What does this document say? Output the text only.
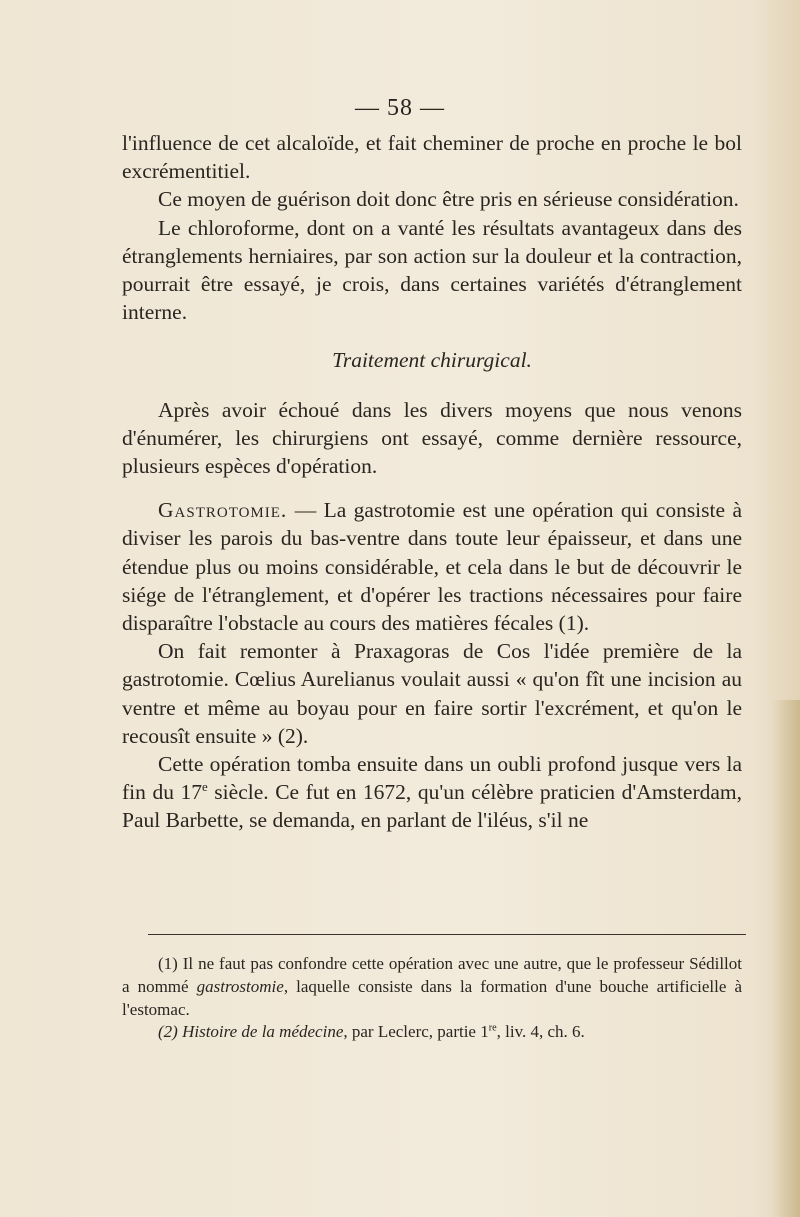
— 58 —

l'influence de cet alcaloïde, et fait cheminer de proche en proche le bol excrémentitiel.

Ce moyen de guérison doit donc être pris en sérieuse considération.

Le chloroforme, dont on a vanté les résultats avantageux dans des étranglements herniaires, par son action sur la douleur et la contraction, pourrait être essayé, je crois, dans certaines variétés d'étranglement interne.

Traitement chirurgical.

Après avoir échoué dans les divers moyens que nous venons d'énumérer, les chirurgiens ont essayé, comme dernière ressource, plusieurs espèces d'opération.

Gastrotomie. — La gastrotomie est une opération qui consiste à diviser les parois du bas-ventre dans toute leur épaisseur, et dans une étendue plus ou moins considérable, et cela dans le but de découvrir le siége de l'étranglement, et d'opérer les tractions nécessaires pour faire disparaître l'obstacle au cours des matières fécales (1).

On fait remonter à Praxagoras de Cos l'idée première de la gastrotomie. Cœlius Aurelianus voulait aussi « qu'on fît une incision au ventre et même au boyau pour en faire sortir l'excrément, et qu'on le recousît ensuite » (2).

Cette opération tomba ensuite dans un oubli profond jusque vers la fin du 17e siècle. Ce fut en 1672, qu'un célèbre praticien d'Amsterdam, Paul Barbette, se demanda, en parlant de l'iléus, s'il ne

(1) Il ne faut pas confondre cette opération avec une autre, que le professeur Sédillot a nommé gastrostomie, laquelle consiste dans la formation d'une bouche artificielle à l'estomac.

(2) Histoire de la médecine, par Leclerc, partie 1re, liv. 4, ch. 6.
